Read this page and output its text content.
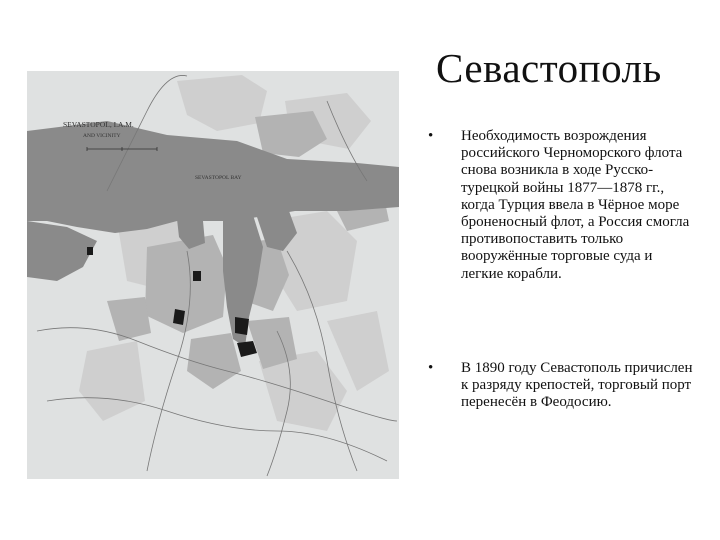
SEVASTOPOL, I.A.M.
AND VICINITY
SEVASTOPOL BAY
Севастополь
• Необходимость возрождения российского Черноморского флота снова возникла в ходе Русско-турецкой войны 1877—1878 гг., когда Турция ввела в Чёрное море броненосный флот, а Россия смогла противопоставить только вооружённые торговые суда и легкие корабли.
• В 1890 году Севастополь причислен к разряду крепостей, торговый порт перенесён в Феодосию.
